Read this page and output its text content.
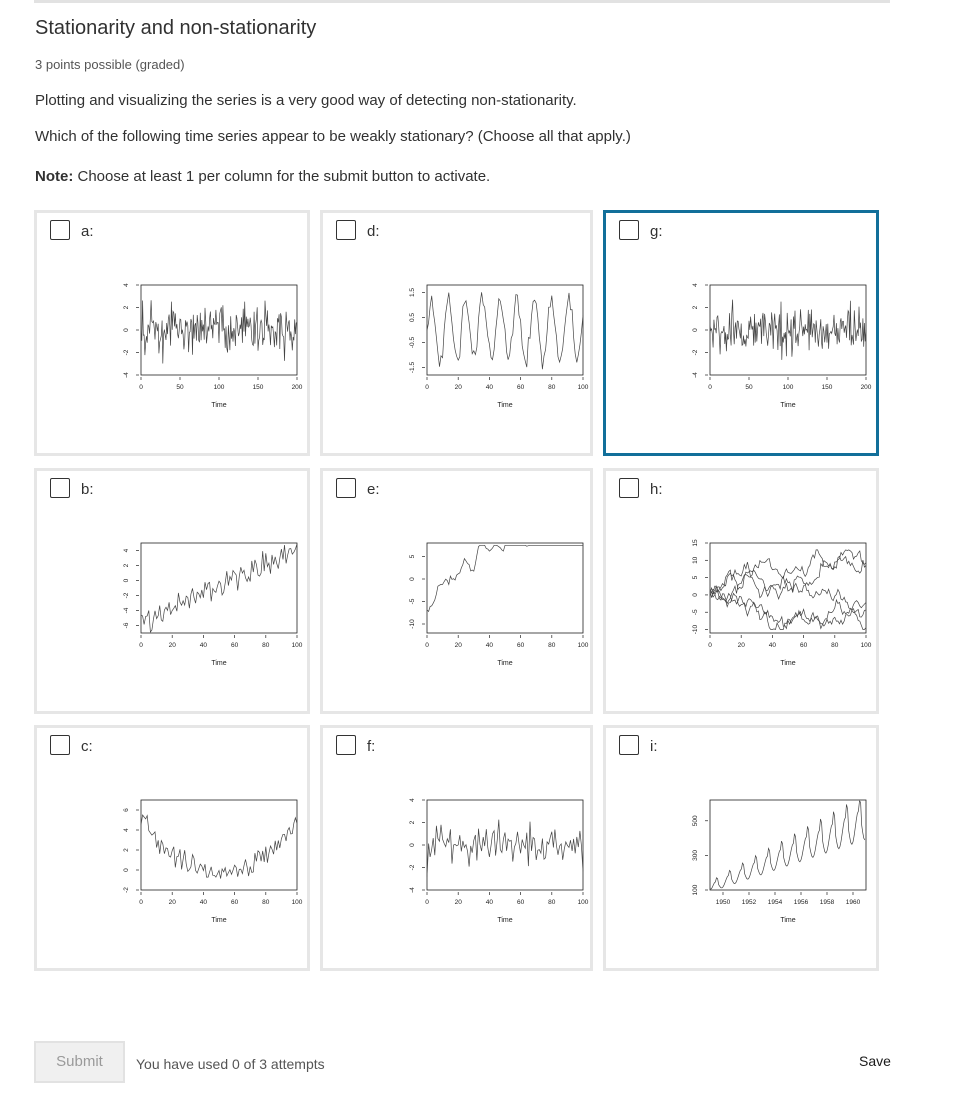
Stationarity and non-stationarity
3 points possible (graded)
Plotting and visualizing the series is a very good way of detecting non-stationarity.
Which of the following time series appear to be weakly stationary? (Choose all that apply.)
Note: Choose at least 1 per column for the submit button to activate.
a:
0	50	100	150	200
-4
-2
0
2
4
Time
d:
0	20	40	60	80	100
-1.5
-0.5
0.5
1.5
Time
g:
0	50	100	150	200
-4
-2
0
2
4
Time
b:
0	20	40	60	80	100
-6
-4
-2
0
2
4
Time
e:
0	20	40	60	80	100
-10
-5
0
5
Time
h:
0	20	40	60	80	100
-10
-5
0
5
10
15
Time
c:
0	20	40	60	80	100
-2
0
2
4
6
Time
f:
0	20	40	60	80	100
-4
-2
0
2
4
Time
i:
1950 1952 1954 1956 1958 1960
100
300
500
Time
Submit	You have used 0 of 3 attempts	Save
